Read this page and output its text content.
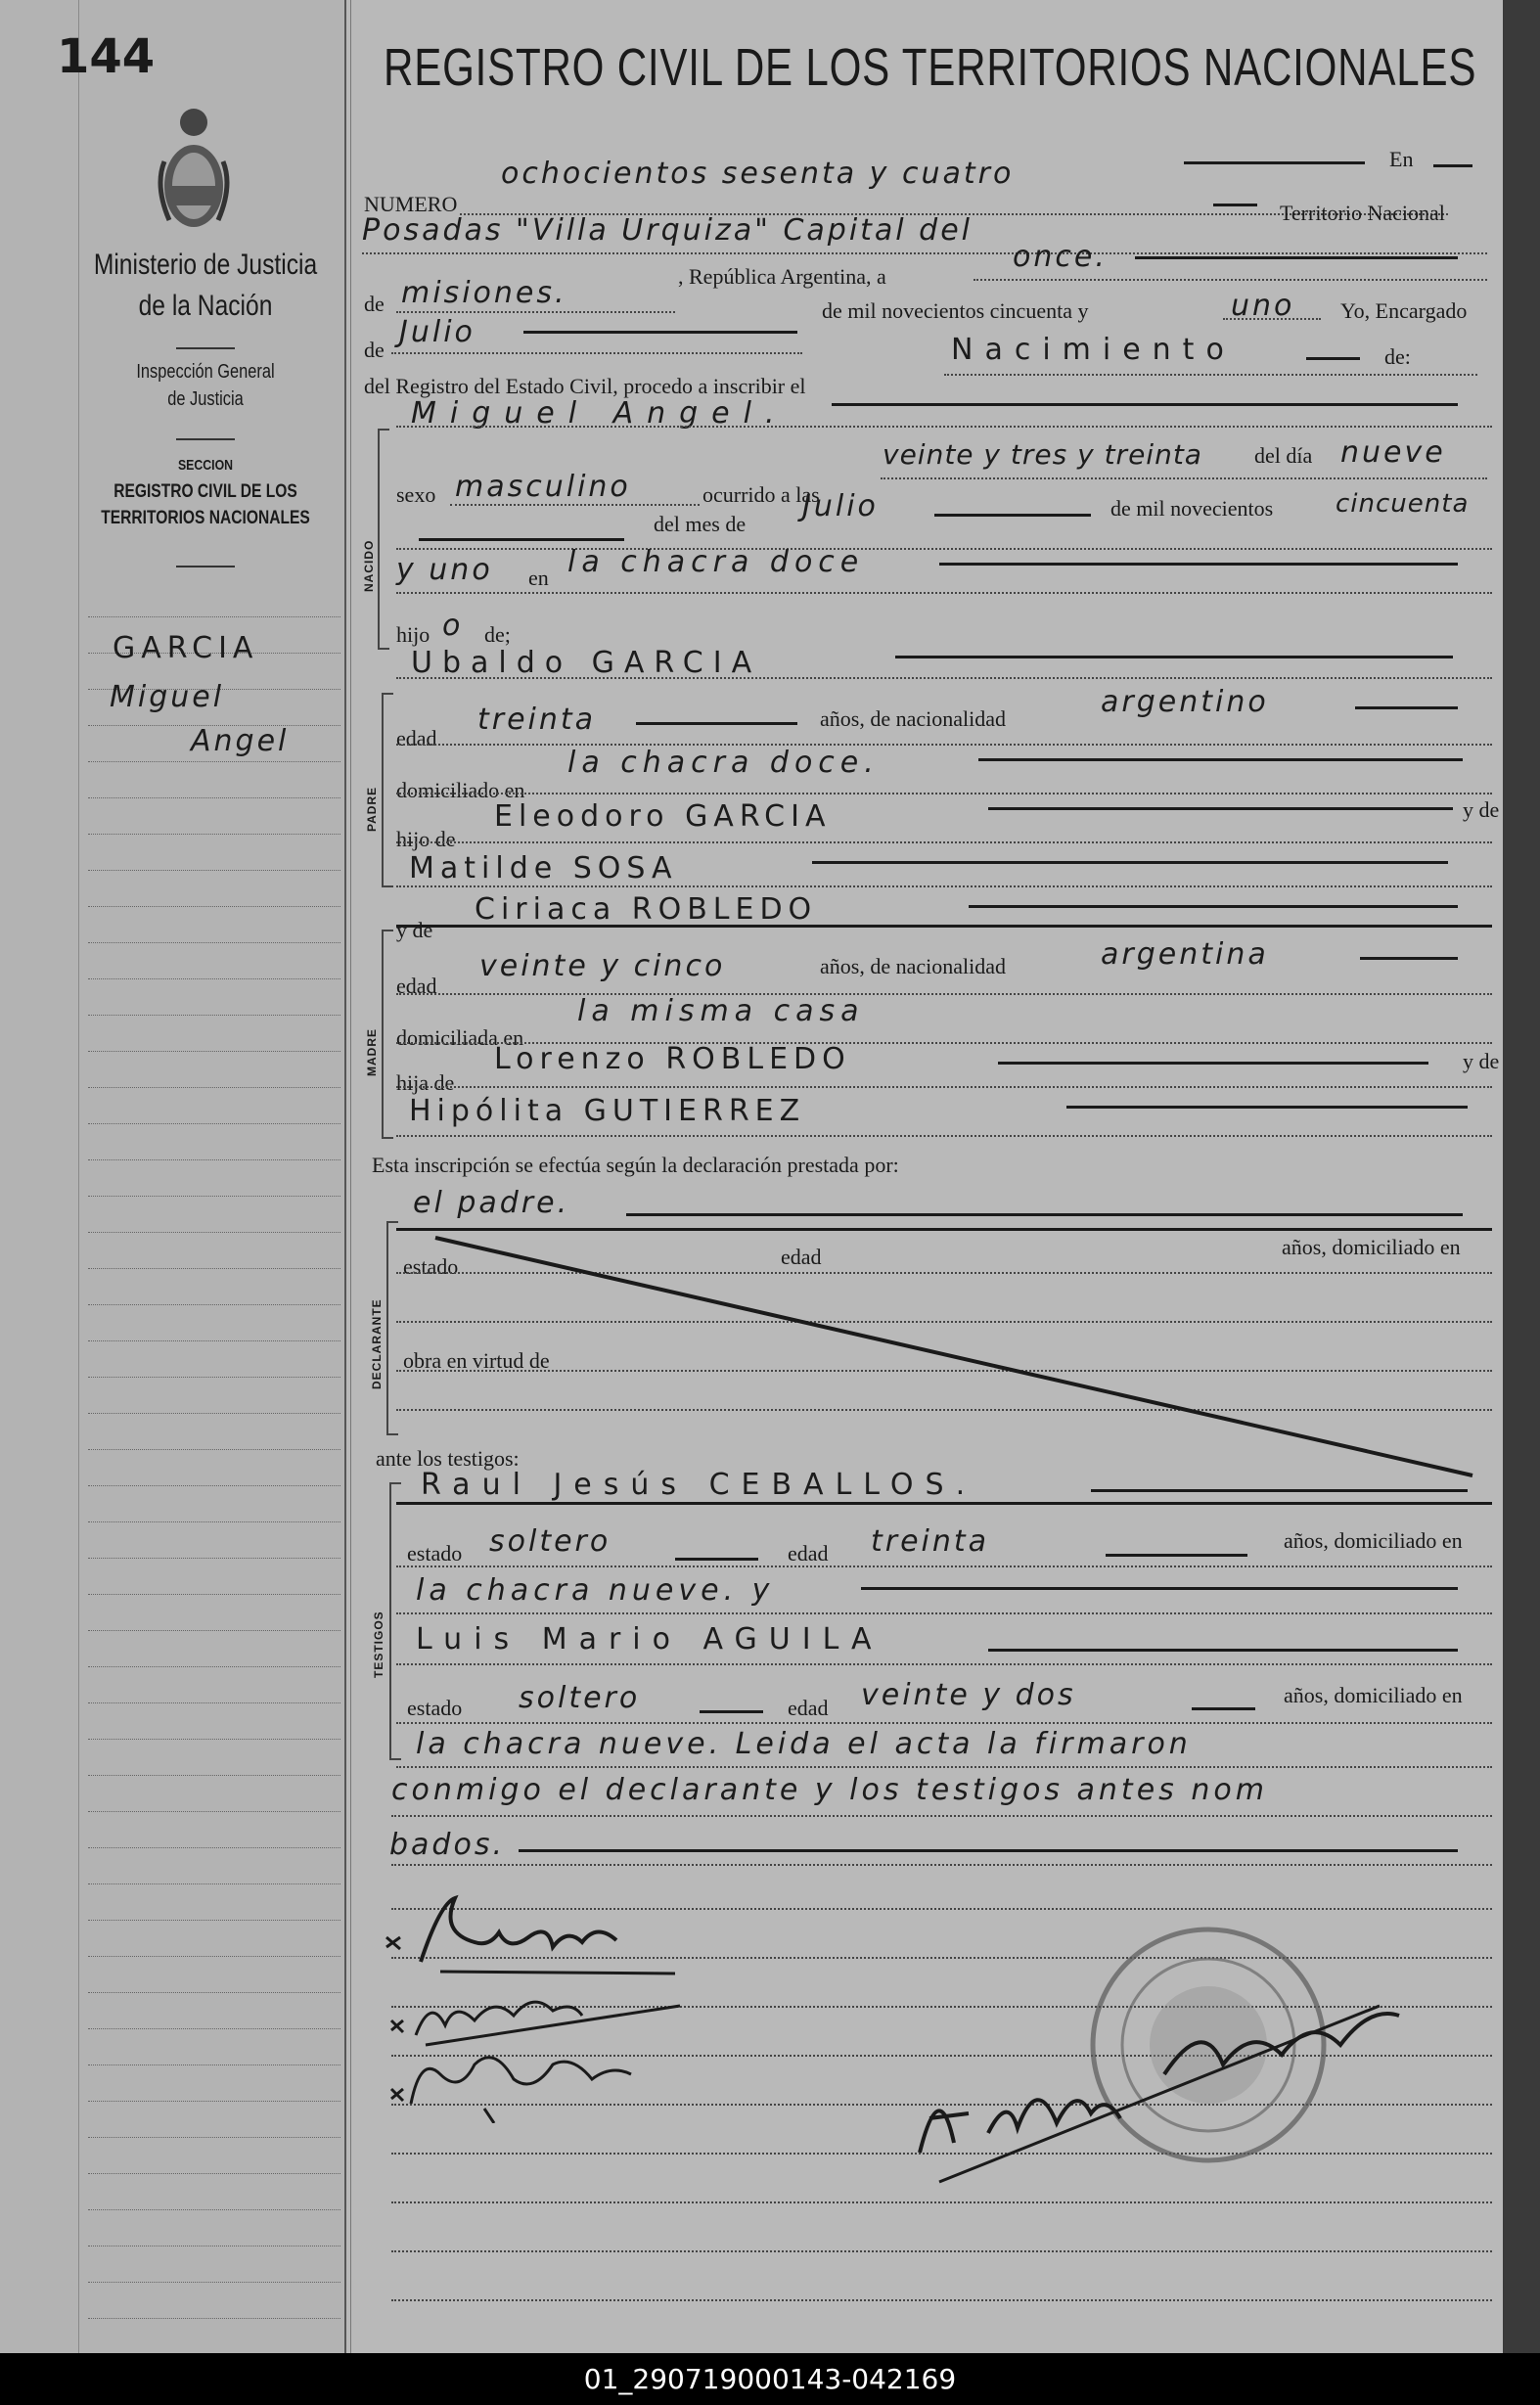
144
Ministerio de Justicia
de la Nación
Inspección General
de Justicia
SECCION
REGISTRO CIVIL DE LOS
TERRITORIOS NACIONALES
GARCIA
Miguel
Angel
REGISTRO CIVIL DE LOS TERRITORIOS NACIONALES
NUMERO
ochocientos sesenta y cuatro	En
Posadas "Villa Urquiza" Capital del
Territorio Nacional
de misiones.	, República Argentina, a
once.
de
Julio
de mil novecientos cincuenta y	uno Yo, Encargado
del Registro del Estado Civil, procedo a inscribir el
Nacimiento	de:
NACIDO
Miguel Angel.
sexo masculino	ocurrido a las
veinte y tres y treinta del día nueve
del mes de
Julio	de mil novecientos cincuenta
y uno en la chacra doce
hijo o de;
PADRE
Ubaldo GARCIA
edad
treinta	años, de nacionalidad	argentino
domiciliado en
la chacra doce.
hijo de
Eleodoro GARCIA	y de
Matilde SOSA
MADRE
y de
Ciriaca ROBLEDO
edad
veinte y cinco	años, de nacionalidad	argentina
domiciliada en
la misma casa
hija de
Lorenzo ROBLEDO	y de
Hipólita GUTIERREZ
Esta inscripción se efectúa según la declaración prestada por:
DECLARANTE
el padre.
estado	edad	años, domiciliado en
obra en virtud de
ante los testigos:
TESTIGOS
Raul Jesús CEBALLOS.
estado soltero	edad treinta	años, domiciliado en
la chacra nueve. y
Luis Mario AGUILA
estado soltero	edad veinte y dos	años, domiciliado en
la chacra nueve. Leida el acta la firmaron
conmigo el declarante y los testigos antes nom
bados.
01_290719000143-042169
